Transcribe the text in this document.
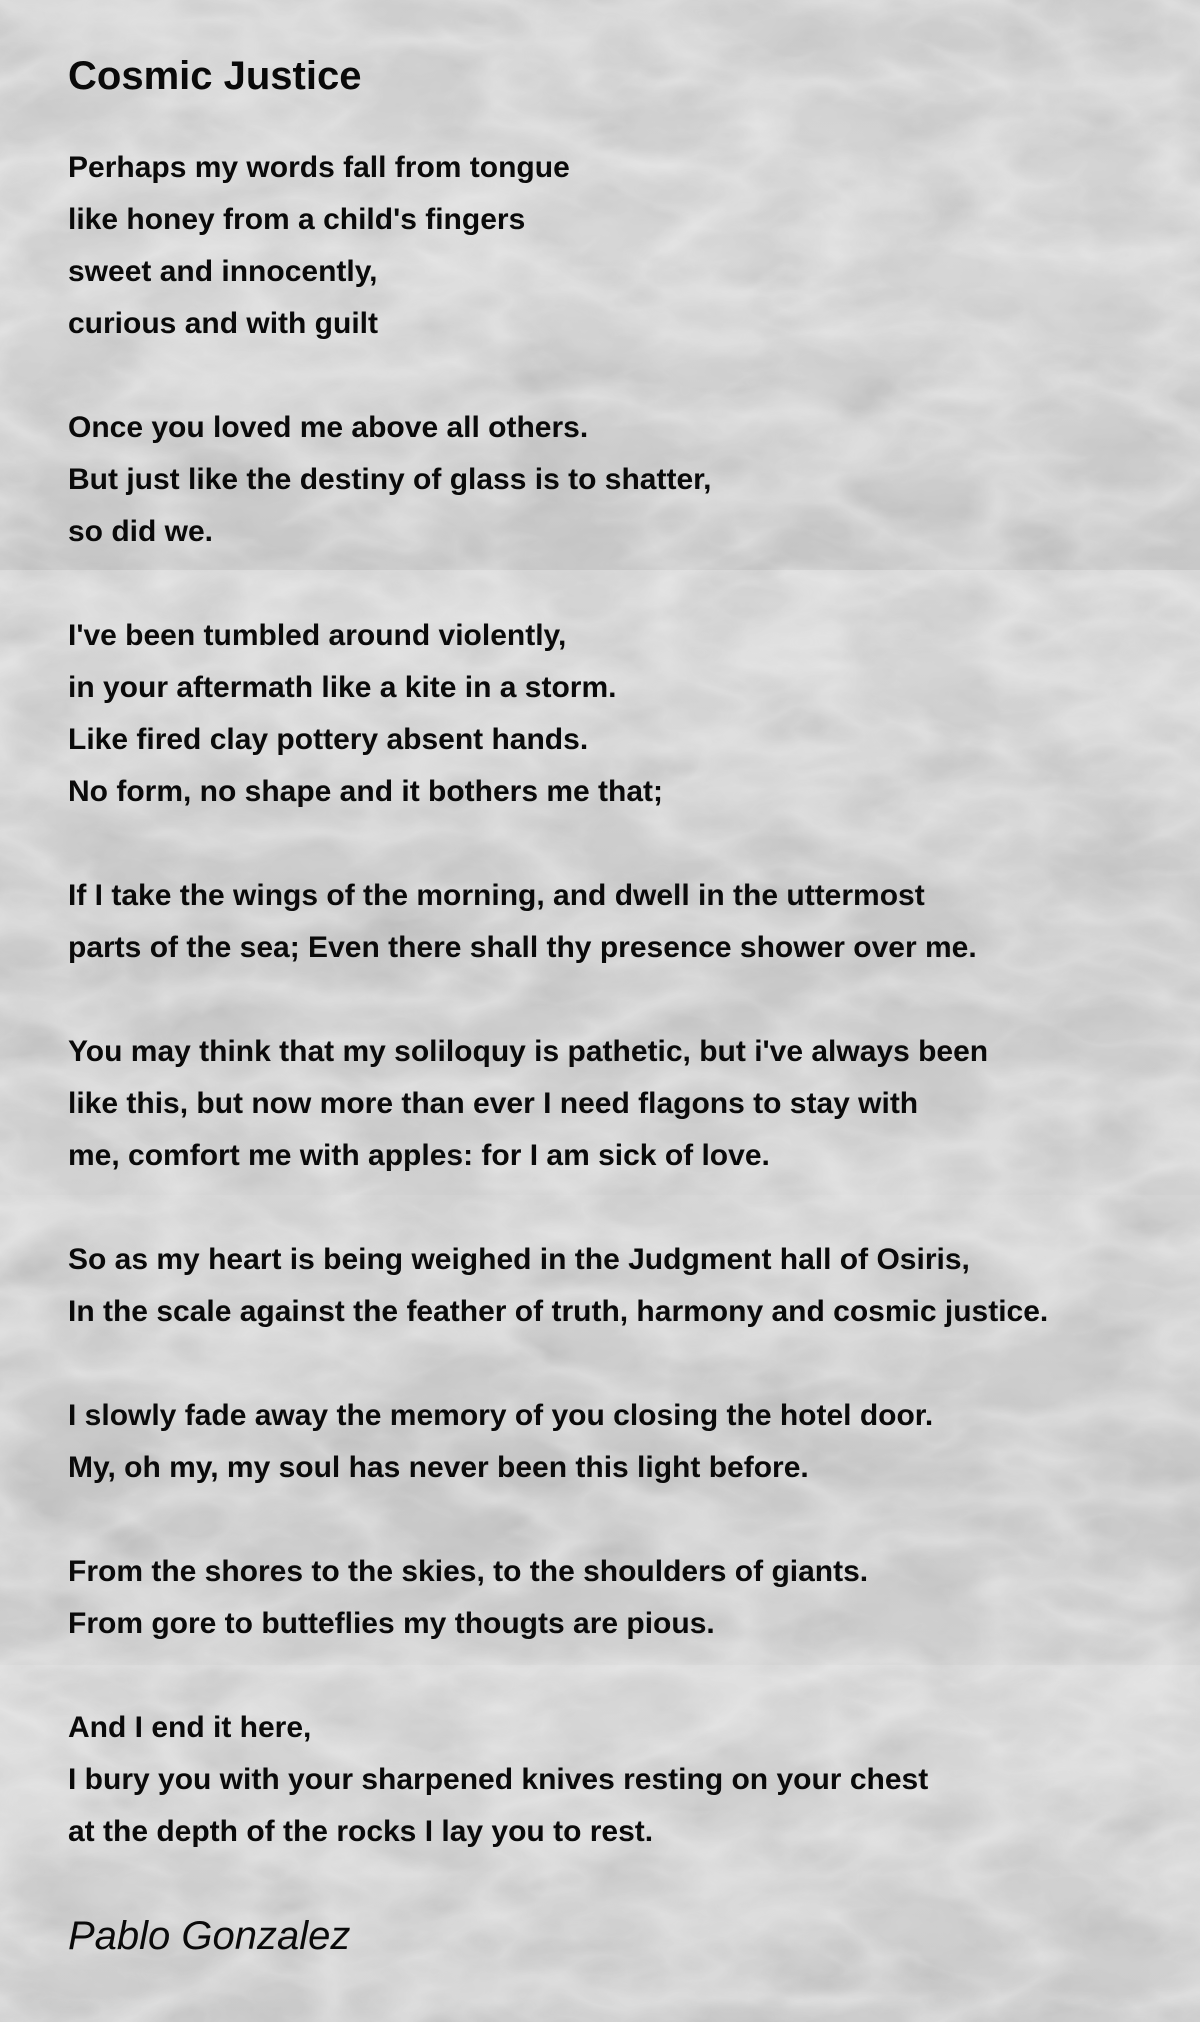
Cosmic Justice
Perhaps my words fall from tongue
like honey from a child's fingers
sweet and innocently,
curious and with guilt
Once you loved me above all others.
But just like the destiny of glass is to shatter,
so did we.
I've been tumbled around violently,
in your aftermath like a kite in a storm.
Like fired clay pottery absent hands.
No form, no shape and it bothers me that;
If I take the wings of the morning, and dwell in the uttermost
parts of the sea; Even there shall thy presence shower over me.
You may think that my soliloquy is pathetic, but i've always been
like this, but now more than ever I need flagons to stay with
me, comfort me with apples: for I am sick of love.
So as my heart is being weighed in the Judgment hall of Osiris,
In the scale against the feather of truth, harmony and cosmic justice.
I slowly fade away the memory of you closing the hotel door.
My, oh my, my soul has never been this light before.
From the shores to the skies, to the shoulders of giants.
From gore to butteflies my thougts are pious.
And I end it here,
I bury you with your sharpened knives resting on your chest
at the depth of the rocks I lay you to rest.
Pablo Gonzalez
